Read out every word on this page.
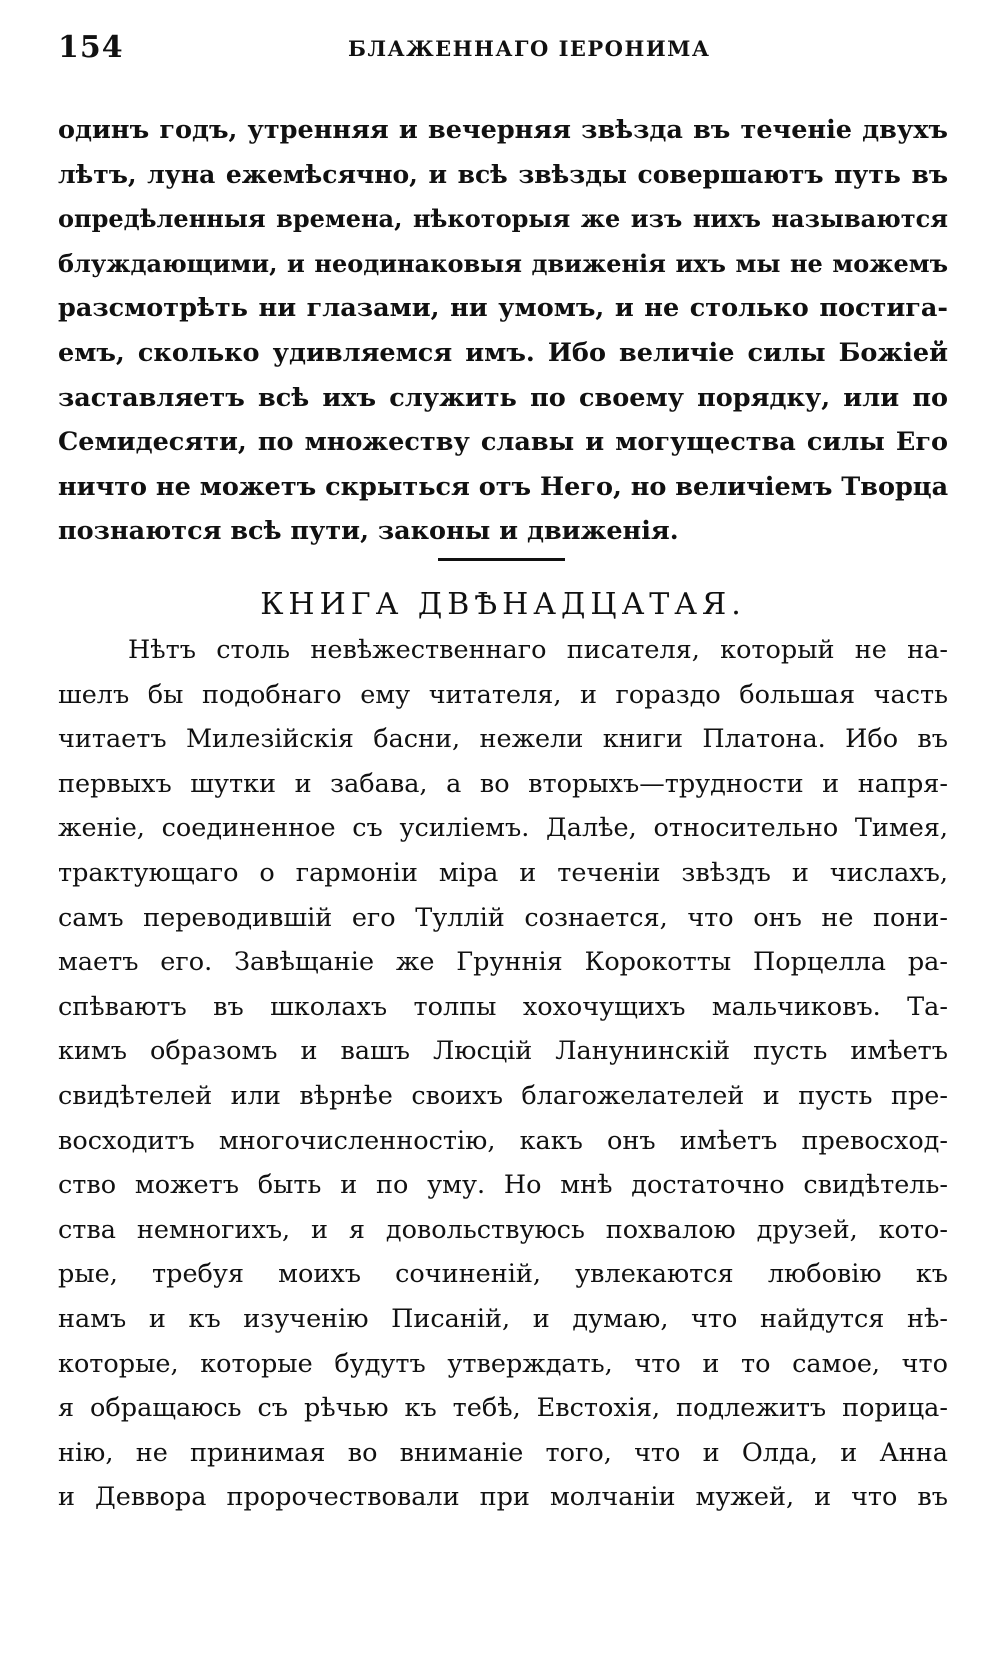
154	БЛАЖЕННАГО ІЕРОНИМА
одинъ годъ, утренняя и вечерняя звѣзда въ теченіе двухъ
лѣтъ, луна ежемѣсячно, и всѣ звѣзды совершаютъ путь въ
опредѣленныя времена, нѣкоторыя же изъ нихъ называются
блуждающими, и неодинаковыя движенія ихъ мы не можемъ
разсмотрѣть ни глазами, ни умомъ, и не столько постига-
емъ, сколько удивляемся имъ. Ибо величіе силы Божіей
заставляетъ всѣ ихъ служить по своему порядку, или по
Семидесяти, по множеству славы и могущества силы Его
ничто не можетъ скрыться отъ Него, но величіемъ Творца
познаются всѣ пути, законы и движенія.
КНИГА ДВѢНАДЦАТАЯ.
Нѣтъ столь невѣжественнаго писателя, который не на-
шелъ бы подобнаго ему читателя, и гораздо большая часть
читаетъ Милезійскія басни, нежели книги Платона. Ибо въ
первыхъ шутки и забава, а во вторыхъ—трудности и напря-
женіе, соединенное съ усиліемъ. Далѣе, относительно Тимея,
трактующаго о гармоніи міра и теченіи звѣздъ и числахъ,
самъ переводившій его Туллій сознается, что онъ не пони-
маетъ его. Завѣщаніе же Груннія Корокотты Порцелла ра-
спѣваютъ въ школахъ толпы хохочущихъ мальчиковъ. Та-
кимъ образомъ и вашъ Люсцій Ланунинскій пусть имѣетъ
свидѣтелей или вѣрнѣе своихъ благожелателей и пусть пре-
восходитъ многочисленностію, какъ онъ имѣетъ превосход-
ство можетъ быть и по уму. Но мнѣ достаточно свидѣтель-
ства немногихъ, и я довольствуюсь похвалою друзей, кото-
рые, требуя моихъ сочиненій, увлекаются любовію къ
намъ и къ изученію Писаній, и думаю, что найдутся нѣ-
которые, которые будутъ утверждать, что и то самое, что
я обращаюсь съ рѣчью къ тебѣ, Евстохія, подлежитъ порица-
нію, не принимая во вниманіе того, что и Олда, и Анна
и Деввора пророчествовали при молчаніи мужей, и что въ
